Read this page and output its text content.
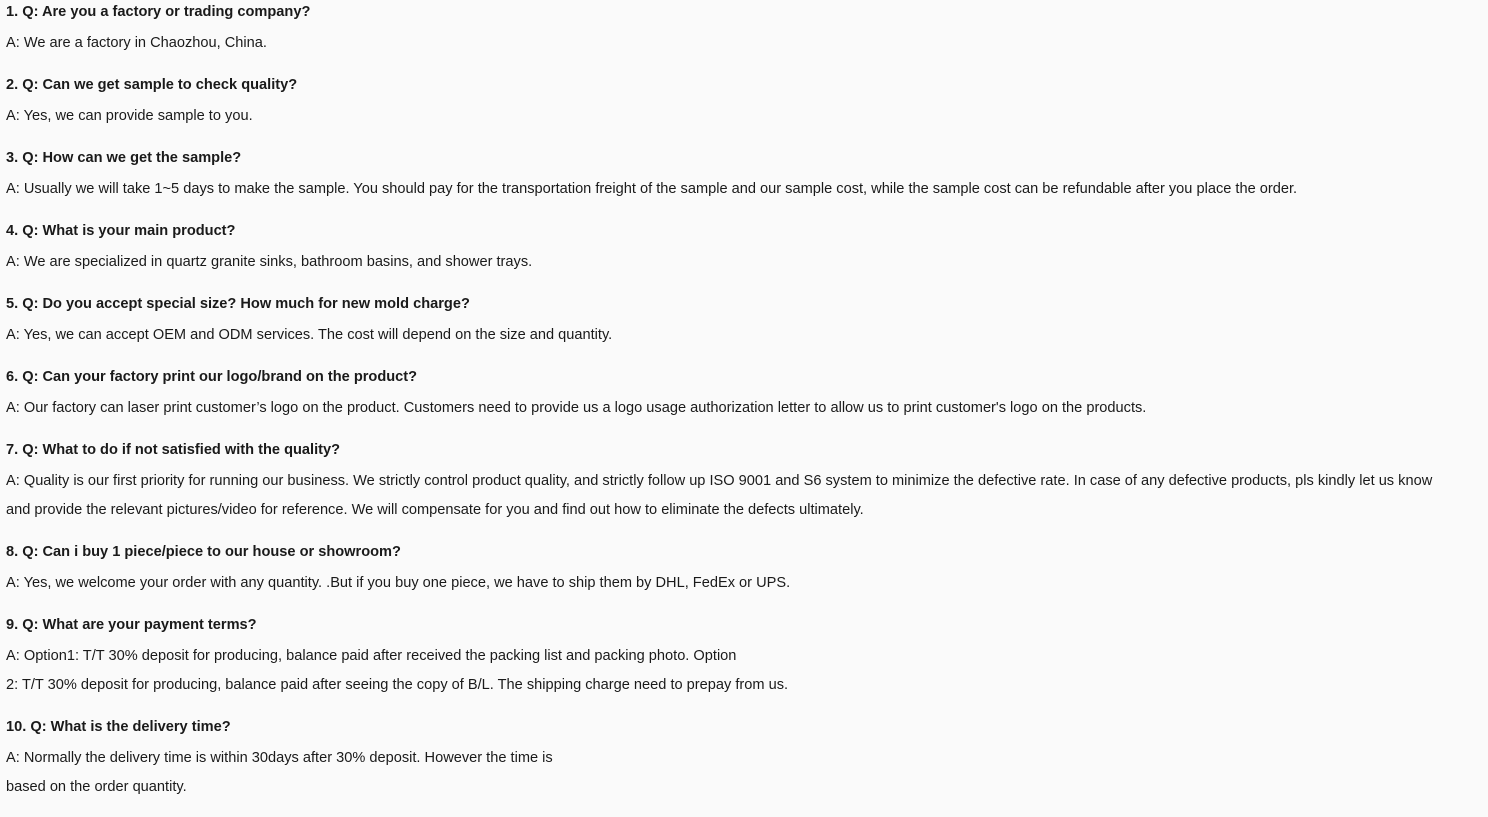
1. Q: Are you a factory or trading company?
A: We are a factory in Chaozhou, China.
2. Q: Can we get sample to check quality?
A: Yes, we can provide sample to you.
3. Q: How can we get the sample?
A: Usually we will take 1~5 days to make the sample. You should pay for the transportation freight of the sample and our sample cost, while the sample cost can be refundable after you place the order.
4. Q: What is your main product?
A: We are specialized in quartz granite sinks, bathroom basins, and shower trays.
5. Q: Do you accept special size? How much for new mold charge?
A: Yes, we can accept OEM and ODM services. The cost will depend on the size and quantity.
6. Q: Can your factory print our logo/brand on the product?
A: Our factory can laser print customer’s logo on the product. Customers need to provide us a logo usage authorization letter to allow us to print customer's logo on the products.
7. Q: What to do if not satisfied with the quality?
A: Quality is our first priority for running our business. We strictly control product quality, and strictly follow up ISO 9001 and S6 system to minimize the defective rate. In case of any defective products, pls kindly let us know
and provide the relevant pictures/video for reference. We will compensate for you and find out how to eliminate the defects ultimately.
8. Q: Can i buy 1 piece/piece to our house or showroom?
A: Yes, we welcome your order with any quantity. .But if you buy one piece, we have to ship them by DHL, FedEx or UPS.
9. Q: What are your payment terms?
A: Option1: T/T 30% deposit for producing, balance paid after received the packing list and packing photo. Option
2: T/T 30% deposit for producing, balance paid after seeing the copy of B/L. The shipping charge need to prepay from us.
10. Q: What is the delivery time?
A: Normally the delivery time is within 30days after 30% deposit. However the time is
based on the order quantity.
